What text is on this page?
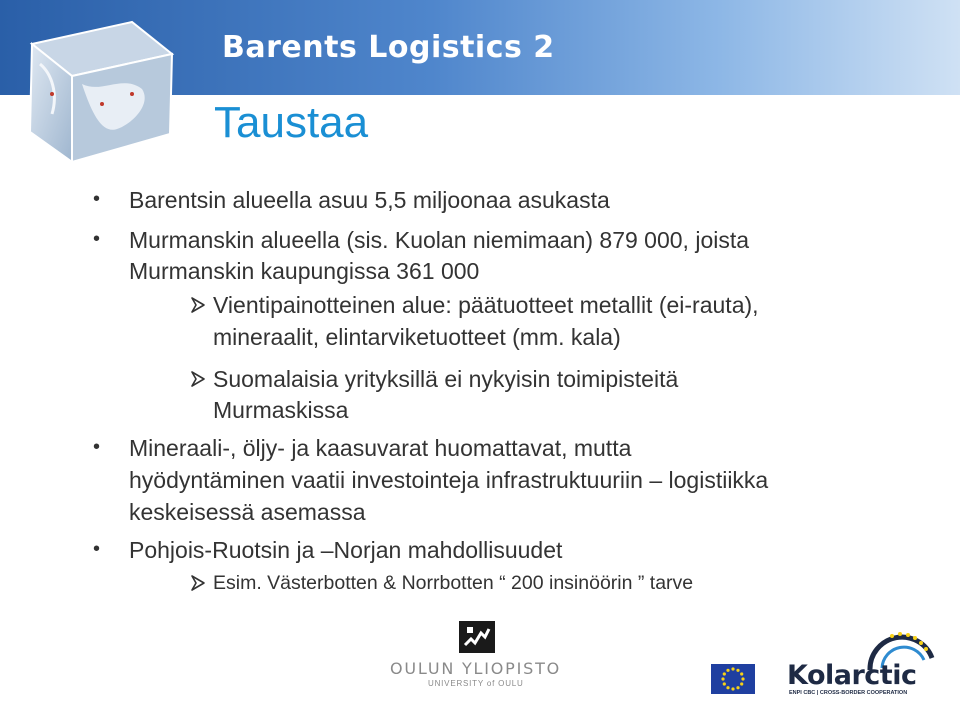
Barents Logistics 2
Taustaa
• Barentsin alueella asuu 5,5 miljoonaa asukasta
• Murmanskin alueella (sis. Kuolan niemimaan) 879 000, joista
Murmanskin kaupungissa 361 000
Vientipainotteinen alue: päätuotteet metallit (ei-rauta),
mineraalit, elintarviketuotteet (mm. kala)
Suomalaisia yrityksillä ei nykyisin toimipisteitä
Murmaskissa
• Mineraali-, öljy- ja kaasuvarat huomattavat, mutta
hyödyntäminen vaatii investointeja infrastruktuuriin – logistiikka
keskeisessä asemassa
• Pohjois-Ruotsin ja –Norjan mahdollisuudet
Esim. Västerbotten & Norrbotten “ 200 insinöörin ” tarve
OULUN YLIOPISTO
UNIVERSITY of OULU	Kolarctic
ENPI CBC | CROSS-BORDER COOPERATION
